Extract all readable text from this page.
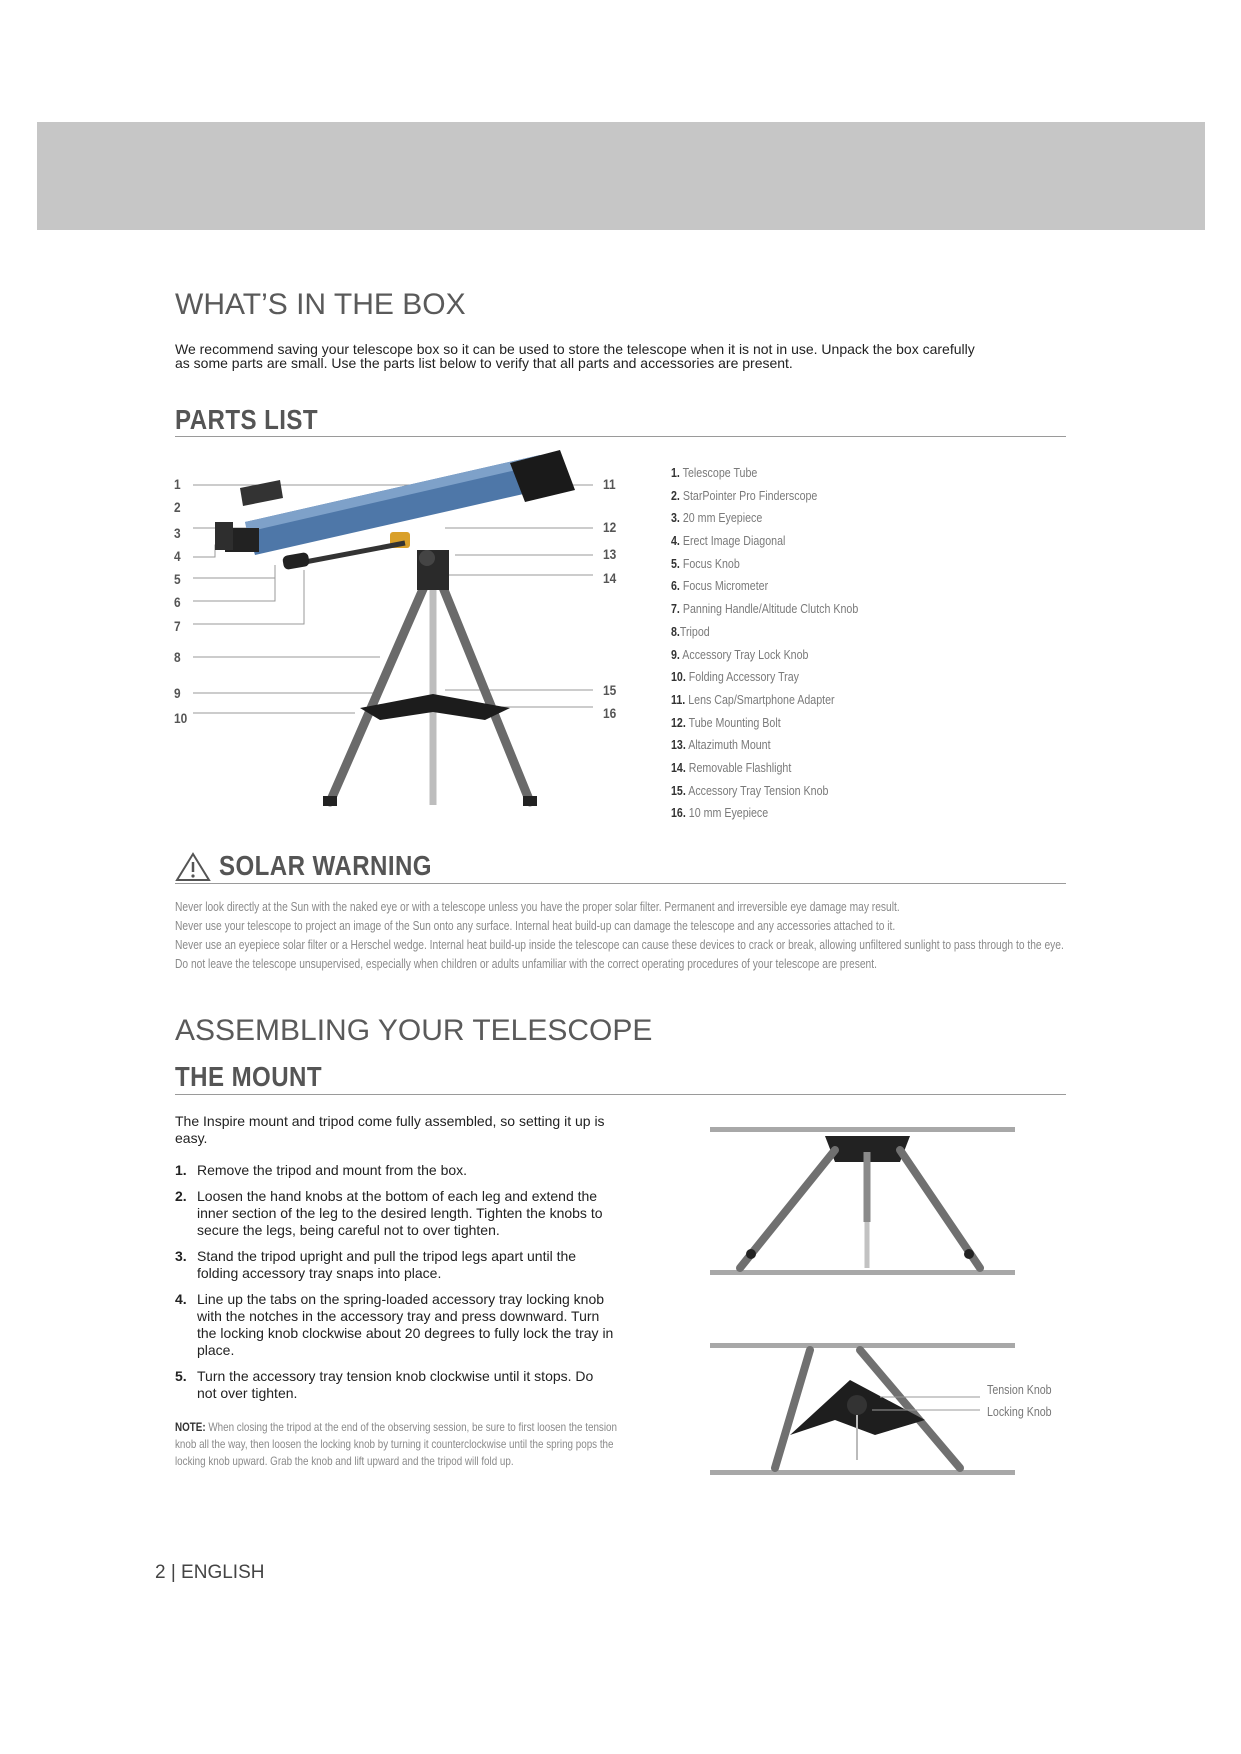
WHAT’S IN THE BOX
We recommend saving your telescope box so it can be used to store the telescope when it is not in use. Unpack the box carefully
as some parts are small. Use the parts list below to verify that all parts and accessories are present.
PARTS LIST
1
2
3
4
5
6
7
8
9
10
11
12
13
14
15
16
1. Telescope Tube
2. StarPointer Pro Finderscope
3. 20 mm Eyepiece
4. Erect Image Diagonal
5. Focus Knob
6. Focus Micrometer
7. Panning Handle/Altitude Clutch Knob
8.Tripod
9. Accessory Tray Lock Knob
10. Folding Accessory Tray
11. Lens Cap/Smartphone Adapter
12. Tube Mounting Bolt
13. Altazimuth Mount
14. Removable Flashlight
15. Accessory Tray Tension Knob
16. 10 mm Eyepiece
SOLAR WARNING

Never look directly at the Sun with the naked eye or with a telescope unless you have the proper solar filter. Permanent and irreversible eye damage may result.

Never use your telescope to project an image of the Sun onto any surface. Internal heat build-up can damage the telescope and any accessories attached to it.

Never use an eyepiece solar filter or a Herschel wedge. Internal heat build-up inside the telescope can cause these devices to crack or break, allowing unfiltered sunlight to pass through to the eye.

Do not leave the telescope unsupervised, especially when children or adults unfamiliar with the correct operating procedures of your telescope are present.

ASSEMBLING YOUR TELESCOPE
THE MOUNT
The Inspire mount and tripod come fully assembled, so setting it up is easy.
1. Remove the tripod and mount from the box.
2. Loosen the hand knobs at the bottom of each leg and extend the inner section of the leg to the desired length. Tighten the knobs to secure the legs, being careful not to over tighten.
3. Stand the tripod upright and pull the tripod legs apart until the folding accessory tray snaps into place.
4. Line up the tabs on the spring-loaded accessory tray locking knob with the notches in the accessory tray and press downward. Turn the locking knob clockwise about 20 degrees to fully lock the tray in place.
5. Turn the accessory tray tension knob clockwise until it stops. Do not over tighten.
NOTE: When closing the tripod at the end of the observing session, be sure to first loosen the tension knob all the way, then loosen the locking knob by turning it counterclockwise until the spring pops the locking knob upward. Grab the knob and lift upward and the tripod will fold up.
Tension Knob
Locking Knob
2 | ENGLISH
